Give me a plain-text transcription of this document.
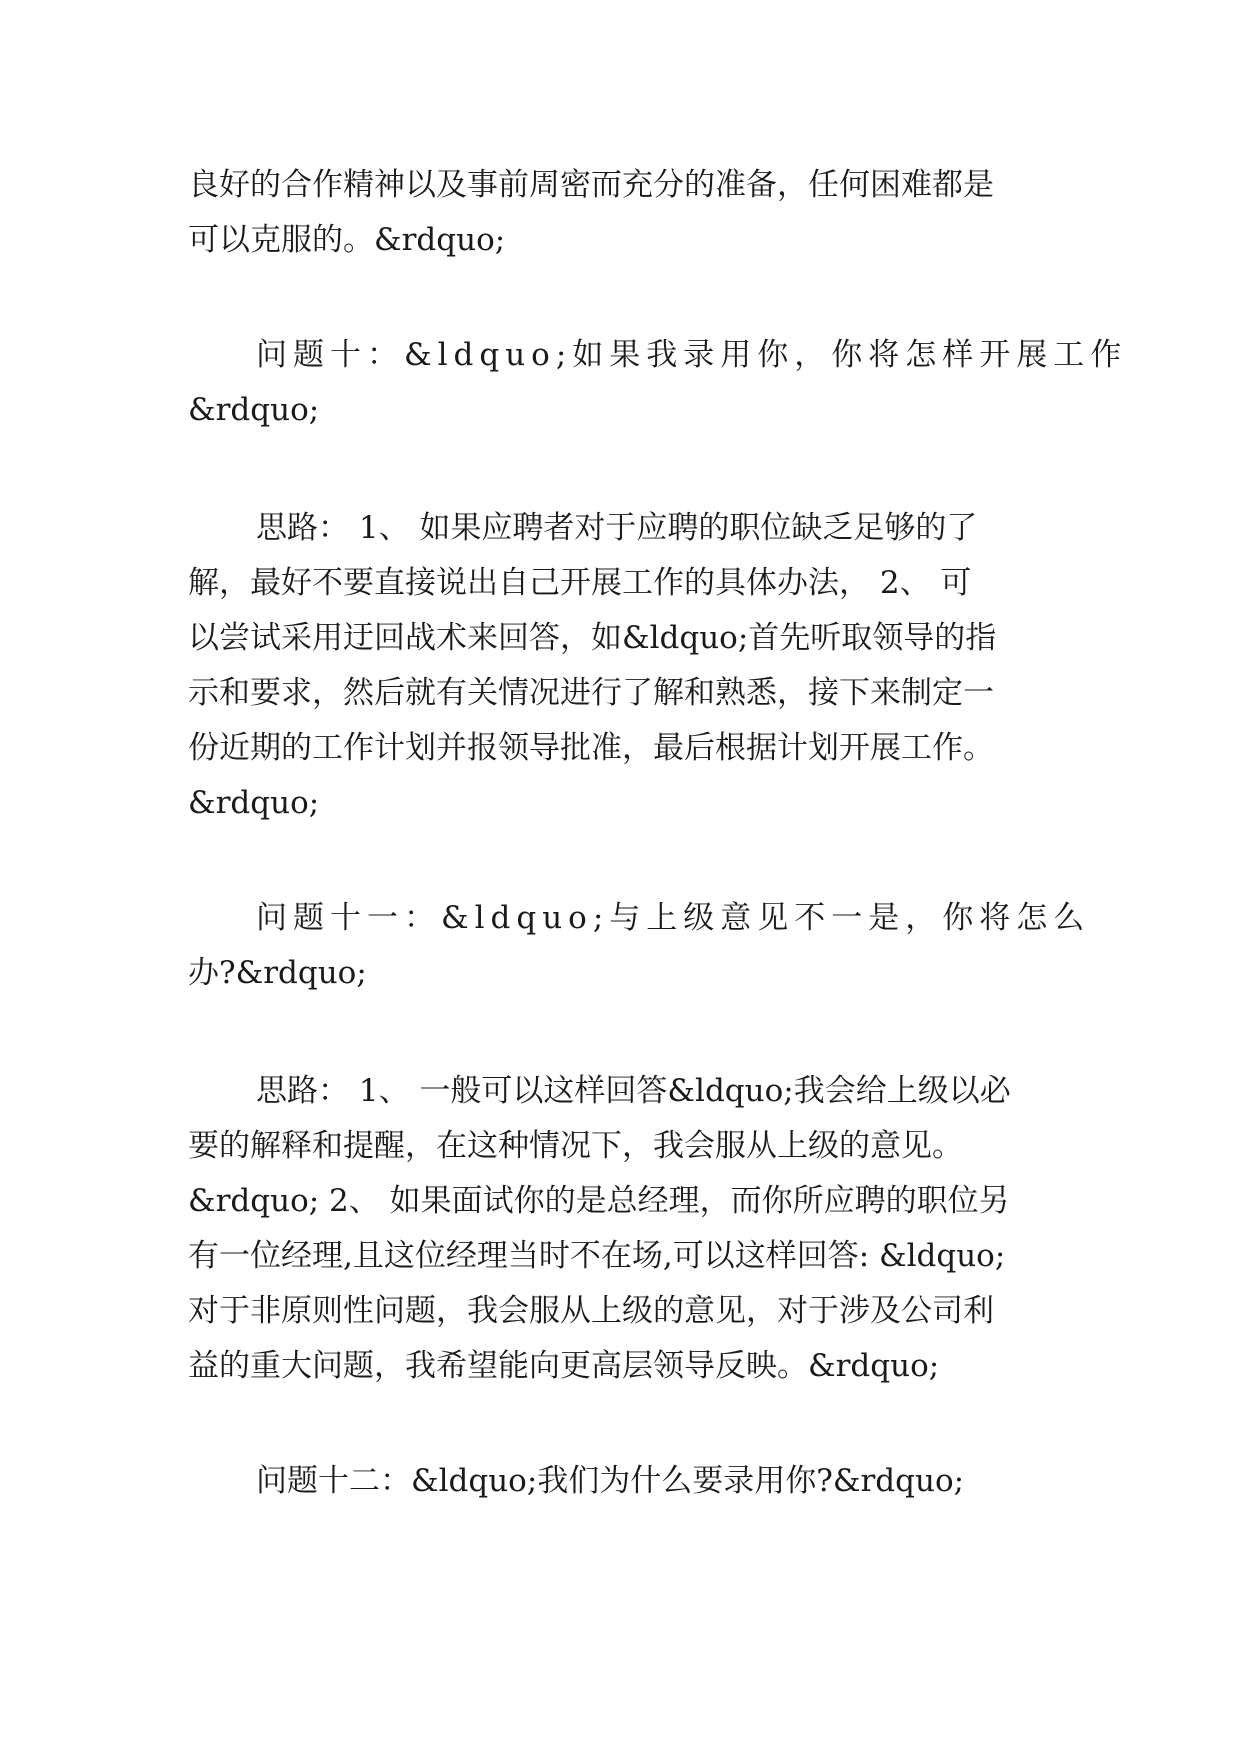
良好的合作精神以及事前周密而充分的准备，任何困难都是
可以克服的。&rdquo;
问题十：&ldquo;如果我录用你，你将怎样开展工作
&rdquo;
思路： 1、 如果应聘者对于应聘的职位缺乏足够的了
解，最好不要直接说出自己开展工作的具体办法， 2、 可
以尝试采用迂回战术来回答，如&ldquo;首先听取领导的指
示和要求，然后就有关情况进行了解和熟悉，接下来制定一
份近期的工作计划并报领导批准，最后根据计划开展工作。
&rdquo;
问题十一：&ldquo;与上级意见不一是，你将怎么
办?&rdquo;
思路： 1、 一般可以这样回答&ldquo;我会给上级以必
要的解释和提醒，在这种情况下，我会服从上级的意见。
&rdquo; 2、 如果面试你的是总经理，而你所应聘的职位另
有一位经理,且这位经理当时不在场,可以这样回答: &ldquo;
对于非原则性问题，我会服从上级的意见，对于涉及公司利
益的重大问题，我希望能向更高层领导反映。&rdquo;
问题十二：&ldquo;我们为什么要录用你?&rdquo;
